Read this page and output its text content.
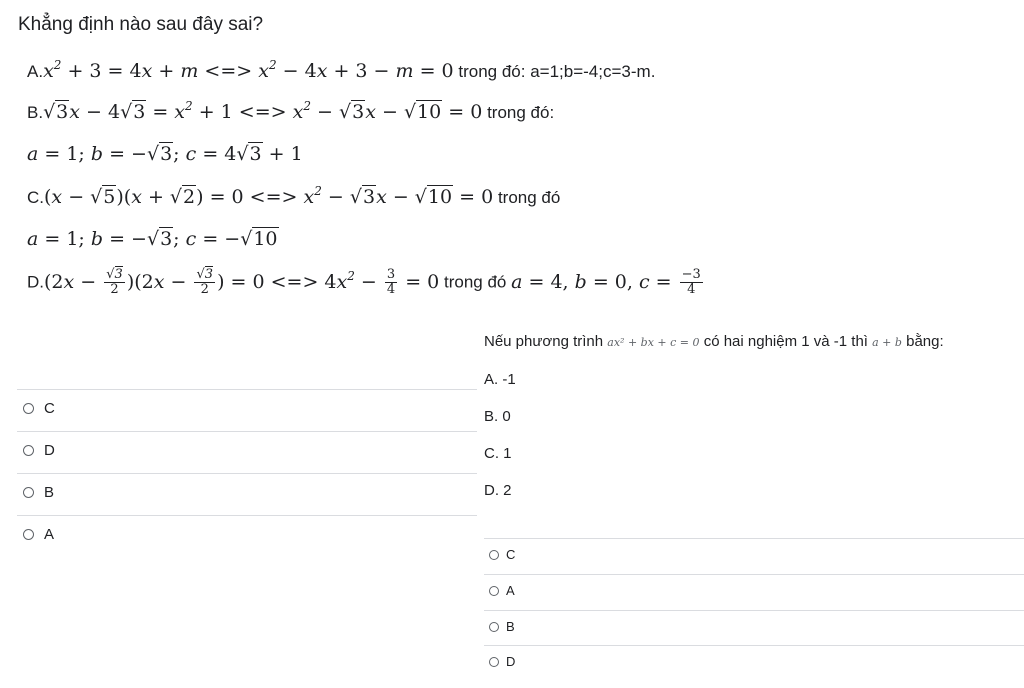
Khẳng định nào sau đây sai?
$A.x^2 + 3 = 4x + m$ <=> $x^2 - 4x + 3 - m = 0$ trong đó: a=1;b=-4;c=3-m.
$B.√3x - 4√3 = x^2 + 1$ <=> $x^2 - √3x - √10 = 0$ trong đó:
a = 1; b = −√3; c = 4√3 + 1
C.(x − √5)(x + √2) = 0 <=> $x^2 - √3x - √10 = 0$ trong đó
a = 1; b = −√3; c = −√10
$D.(2x - \frac{√3}{2} )(2x - \frac{√3}{2}$ ) = 0 <=> $4x^2 - \frac{3}{4} = 0$ trong đó a = 4, b = 0, $c = \frac{-3}{4}$
C
D
B
A
Nếu phương trình ax² + bx + c = 0 có hai nghiệm 1 và -1 thì a + b bằng:
A. -1
B. 0
C. 1
D. 2
C
A
B
D
